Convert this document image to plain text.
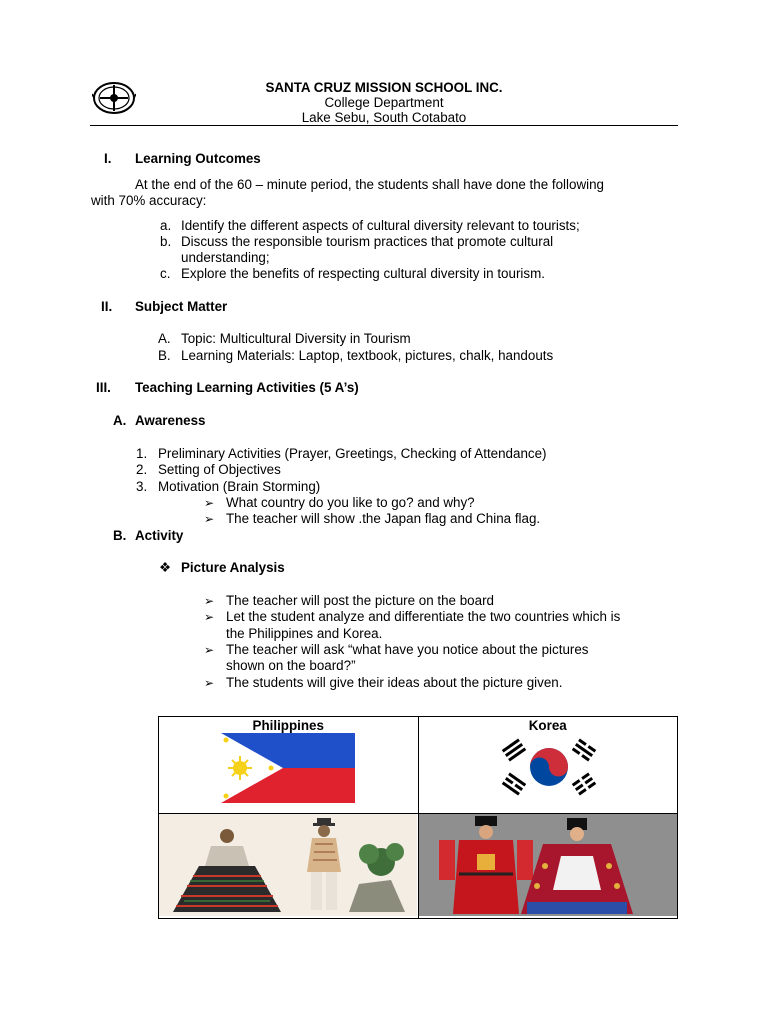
SANTA CRUZ MISSION SCHOOL INC.
College Department
Lake Sebu, South Cotabato
I. Learning Outcomes
At the end of the 60 – minute period, the students shall have done the following
with 70% accuracy:
a. Identify the different aspects of cultural diversity relevant to tourists;
b. Discuss the responsible tourism practices that promote cultural
understanding;
c. Explore the benefits of respecting cultural diversity in tourism.
II. Subject Matter
A. Topic: Multicultural Diversity in Tourism
B. Learning Materials: Laptop, textbook, pictures, chalk, handouts
III. Teaching Learning Activities (5 A’s)
A. Awareness
1. Preliminary Activities (Prayer, Greetings, Checking of Attendance)
2. Setting of Objectives
3. Motivation (Brain Storming)
➢ What country do you like to go? and why?
➢ The teacher will show .the Japan flag and China flag.
B. Activity
❖ Picture Analysis
➢ The teacher will post the picture on the board
➢ Let the student analyze and differentiate the two countries which is
the Philippines and Korea.
➢ The teacher will ask “what have you notice about the pictures
shown on the board?”
➢ The students will give their ideas about the picture given.
Philippines	Korea
